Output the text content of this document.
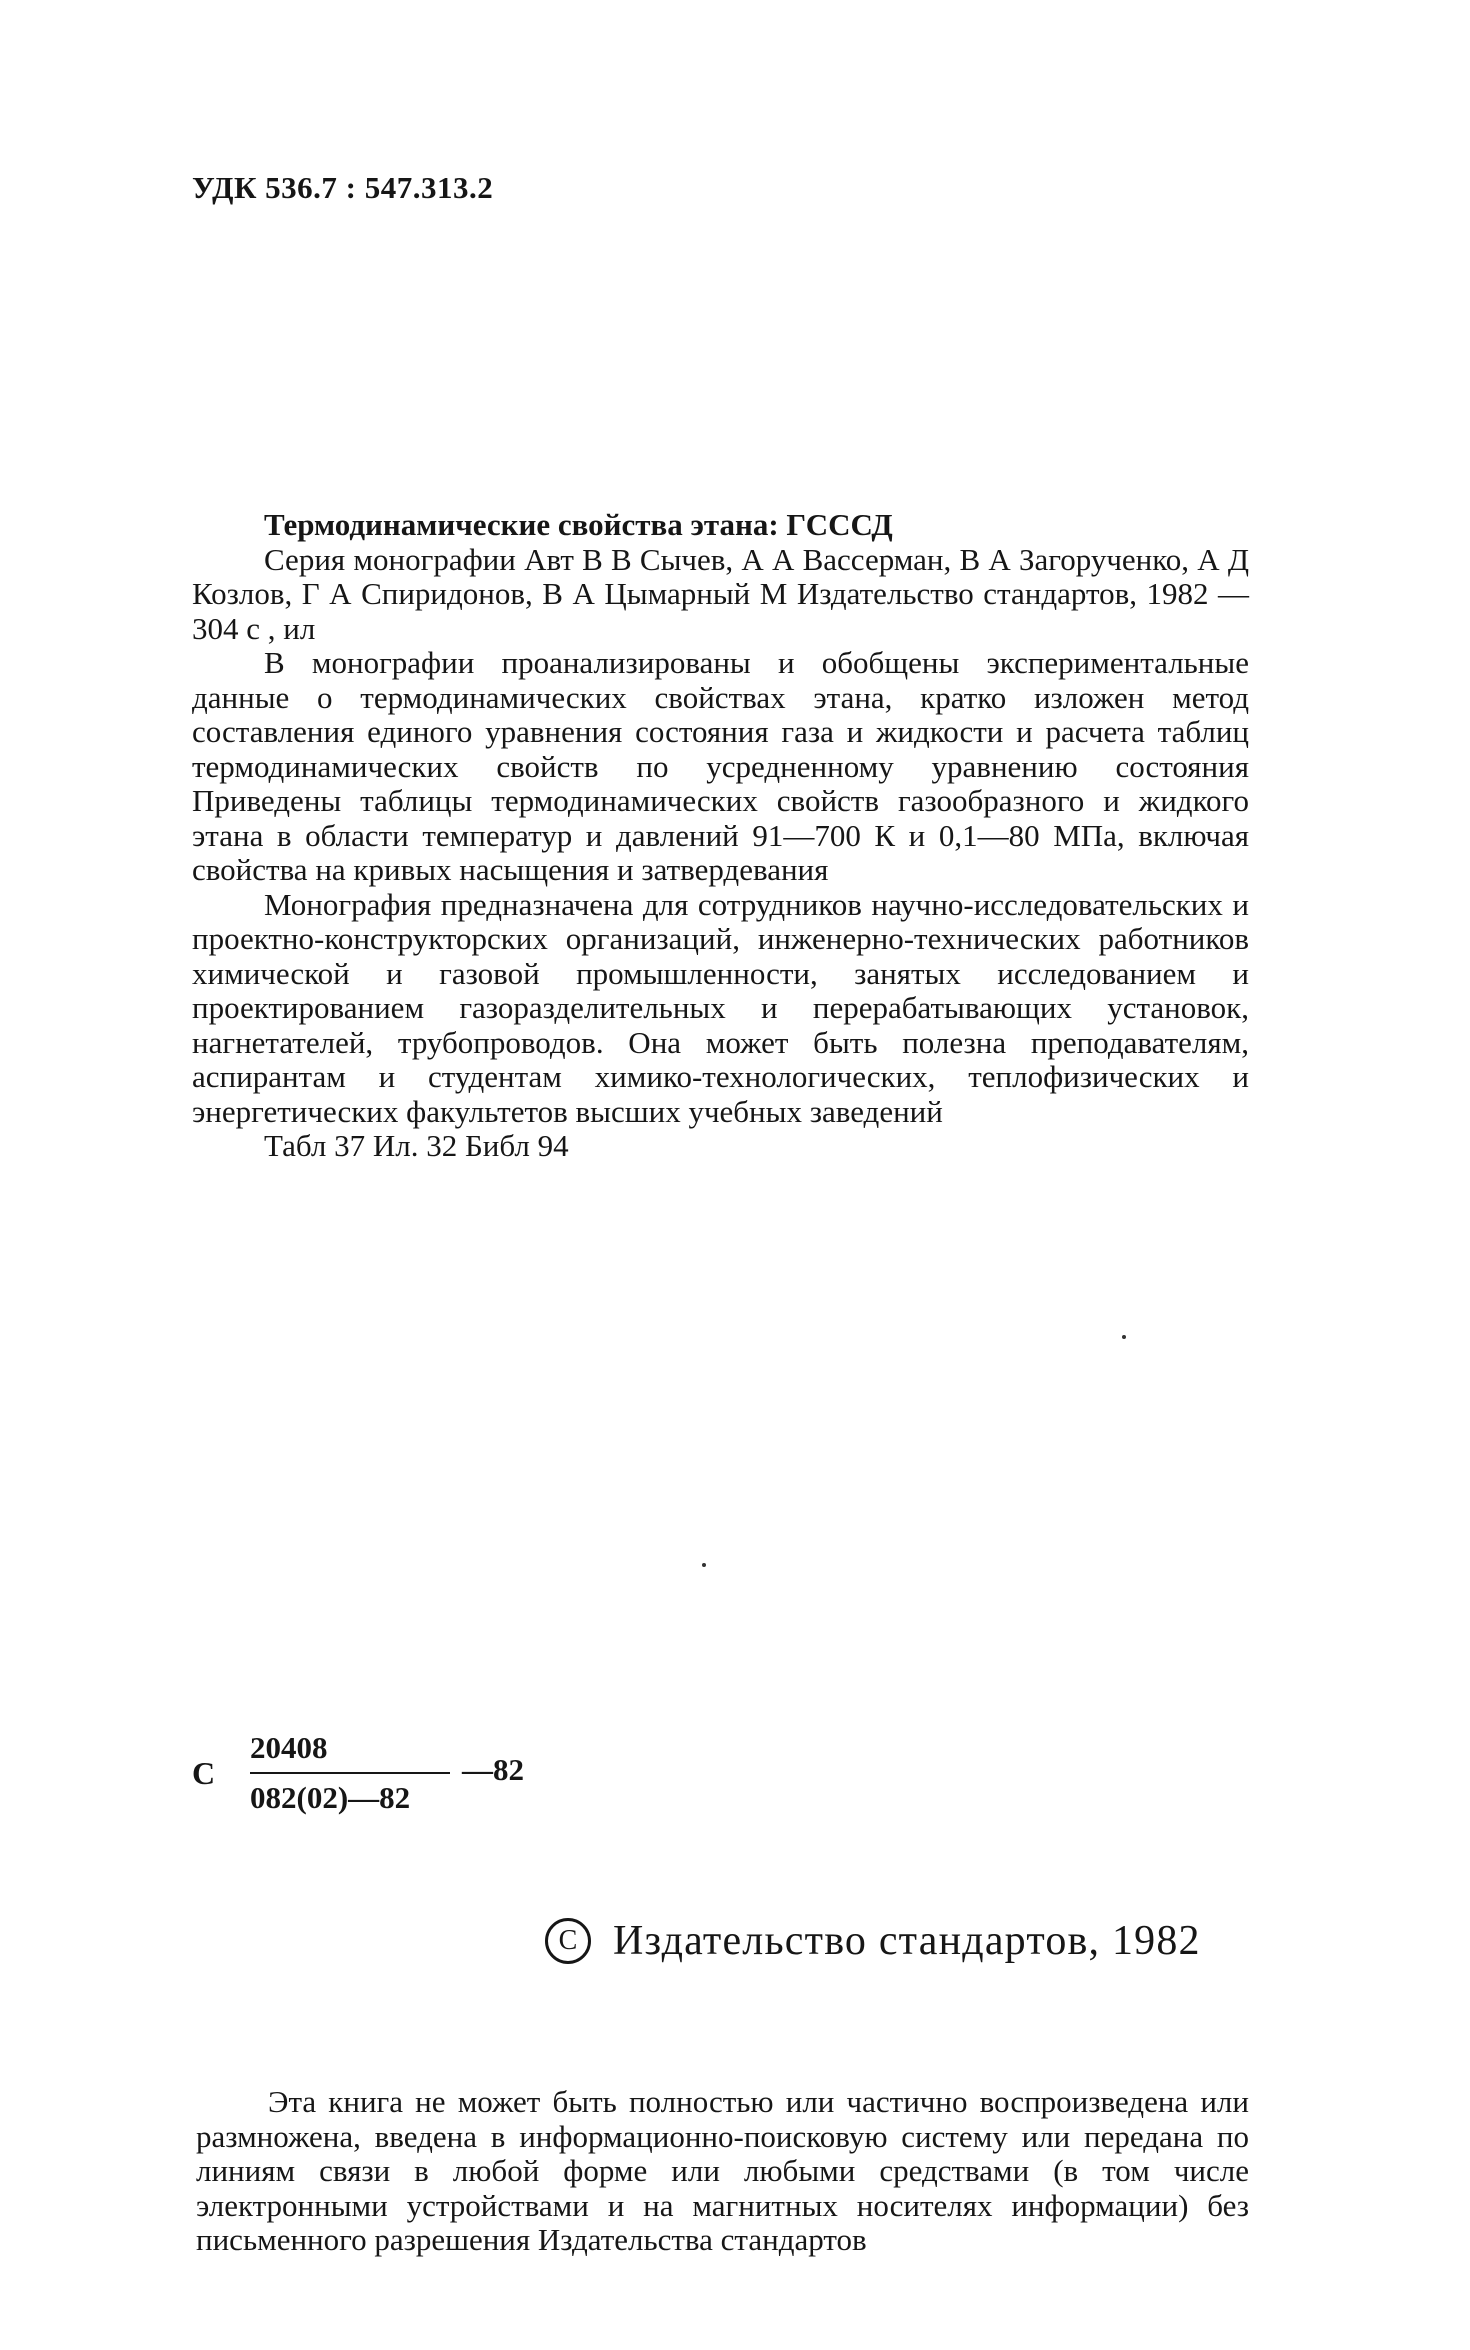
УДК 536.7 : 547.313.2

Термодинамические свойства этана: ГСССД

Серия монографии Авт В В Сычев, А А Вассерман, В А Загорученко, А Д Козлов, Г А Спиридонов, В А Цымарный М Издательство стандартов, 1982 — 304 с , ил

В монографии проанализированы и обобщены экспериментальные данные о термодинамических свойствах этана, кратко изложен метод составления единого уравнения состояния газа и жидкости и расчета таблиц термодинамических свойств по усредненному уравнению состояния Приведены таблицы термодинамических свойств газообразного и жидкого этана в области температур и давлений 91—700 К и 0,1—80 МПа, включая свойства на кривых насыщения и затвердевания

Монография предназначена для сотрудников научно-исследовательских и проектно-конструкторских организаций, инженерно-технических работников химической и газовой промышленности, занятых исследованием и проектированием газоразделительных и перерабатывающих установок, нагнетателей, трубопроводов. Она может быть полезна преподавателям, аспирантам и студентам химико-технологических, теплофизических и энергетических факультетов высших учебных заведений

Табл 37 Ил. 32 Библ 94

С
20408
082(02)—82
—82
C Издательство стандартов, 1982

Эта книга не может быть полностью или частично воспроизведена или размножена, введена в информационно-поисковую систему или передана по линиям связи в любой форме или любыми средствами (в том числе электронными устройствами и на магнитных носителях информации) без письменного разрешения Издательства стандартов
